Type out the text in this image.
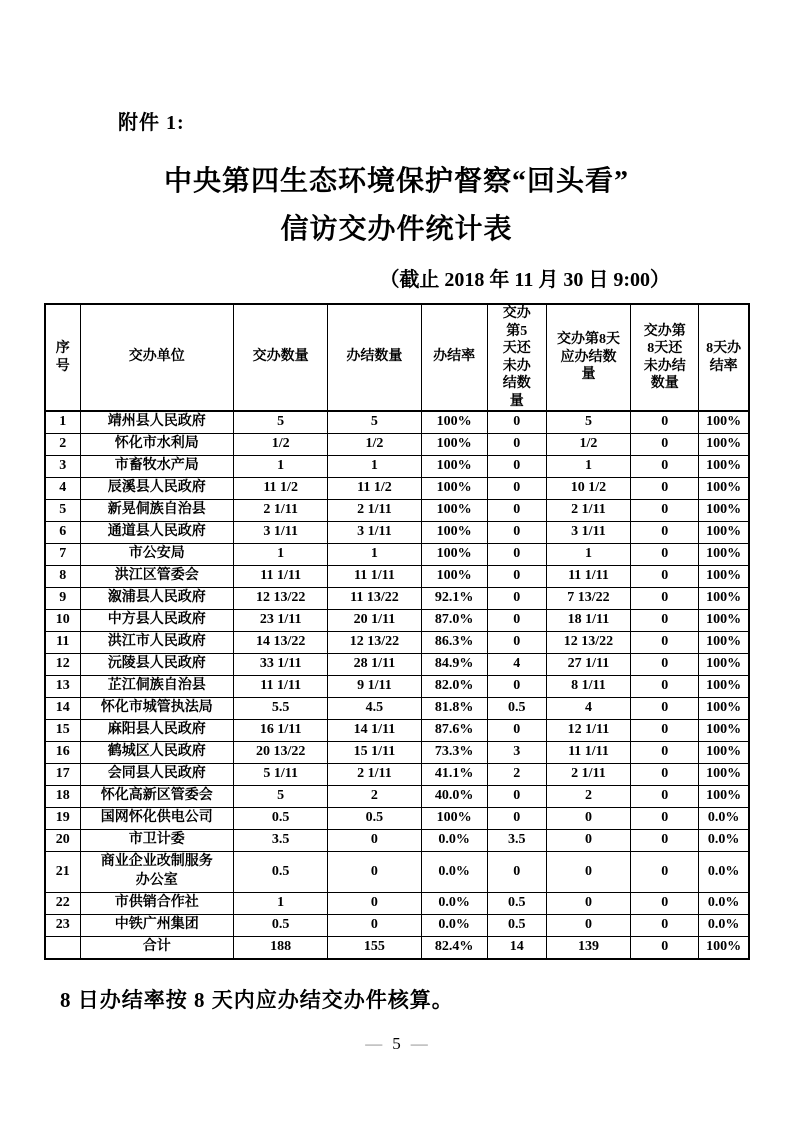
附件 1:
中央第四生态环境保护督察“回头看”
信访交办件统计表
（截止 2018 年 11 月 30 日 9:00）
序号	交办单位	交办数量	办结数量	办结率	交办第5天还未办结数量	交办第8天应办结数量	交办第8天还未办结数量	8天办结率
1	靖州县人民政府	5	5	100%	0	5	0	100%
2	怀化市水利局	1/2	1/2	100%	0	1/2	0	100%
3	市畜牧水产局	1	1	100%	0	1	0	100%
4	辰溪县人民政府	11 1/2	11 1/2	100%	0	10 1/2	0	100%
5	新晃侗族自治县	2 1/11	2 1/11	100%	0	2 1/11	0	100%
6	通道县人民政府	3 1/11	3 1/11	100%	0	3 1/11	0	100%
7	市公安局	1	1	100%	0	1	0	100%
8	洪江区管委会	11 1/11	11 1/11	100%	0	11 1/11	0	100%
9	溆浦县人民政府	12 13/22	11 13/22	92.1%	0	7 13/22	0	100%
10	中方县人民政府	23 1/11	20 1/11	87.0%	0	18 1/11	0	100%
11	洪江市人民政府	14 13/22	12 13/22	86.3%	0	12 13/22	0	100%
12	沅陵县人民政府	33 1/11	28 1/11	84.9%	4	27 1/11	0	100%
13	芷江侗族自治县	11 1/11	9 1/11	82.0%	0	8 1/11	0	100%
14	怀化市城管执法局	5.5	4.5	81.8%	0.5	4	0	100%
15	麻阳县人民政府	16 1/11	14 1/11	87.6%	0	12 1/11	0	100%
16	鹤城区人民政府	20 13/22	15 1/11	73.3%	3	11 1/11	0	100%
17	会同县人民政府	5 1/11	2 1/11	41.1%	2	2 1/11	0	100%
18	怀化高新区管委会	5	2	40.0%	0	2	0	100%
19	国网怀化供电公司	0.5	0.5	100%	0	0	0	0.0%
20	市卫计委	3.5	0	0.0%	3.5	0	0	0.0%
21	商业企业改制服务办公室	0.5	0	0.0%	0	0	0	0.0%
22	市供销合作社	1	0	0.0%	0.5	0	0	0.0%
23	中铁广州集团	0.5	0	0.0%	0.5	0	0	0.0%
	合计	188	155	82.4%	14	139	0	100%
8 日办结率按 8 天内应办结交办件核算。
— 5 —
